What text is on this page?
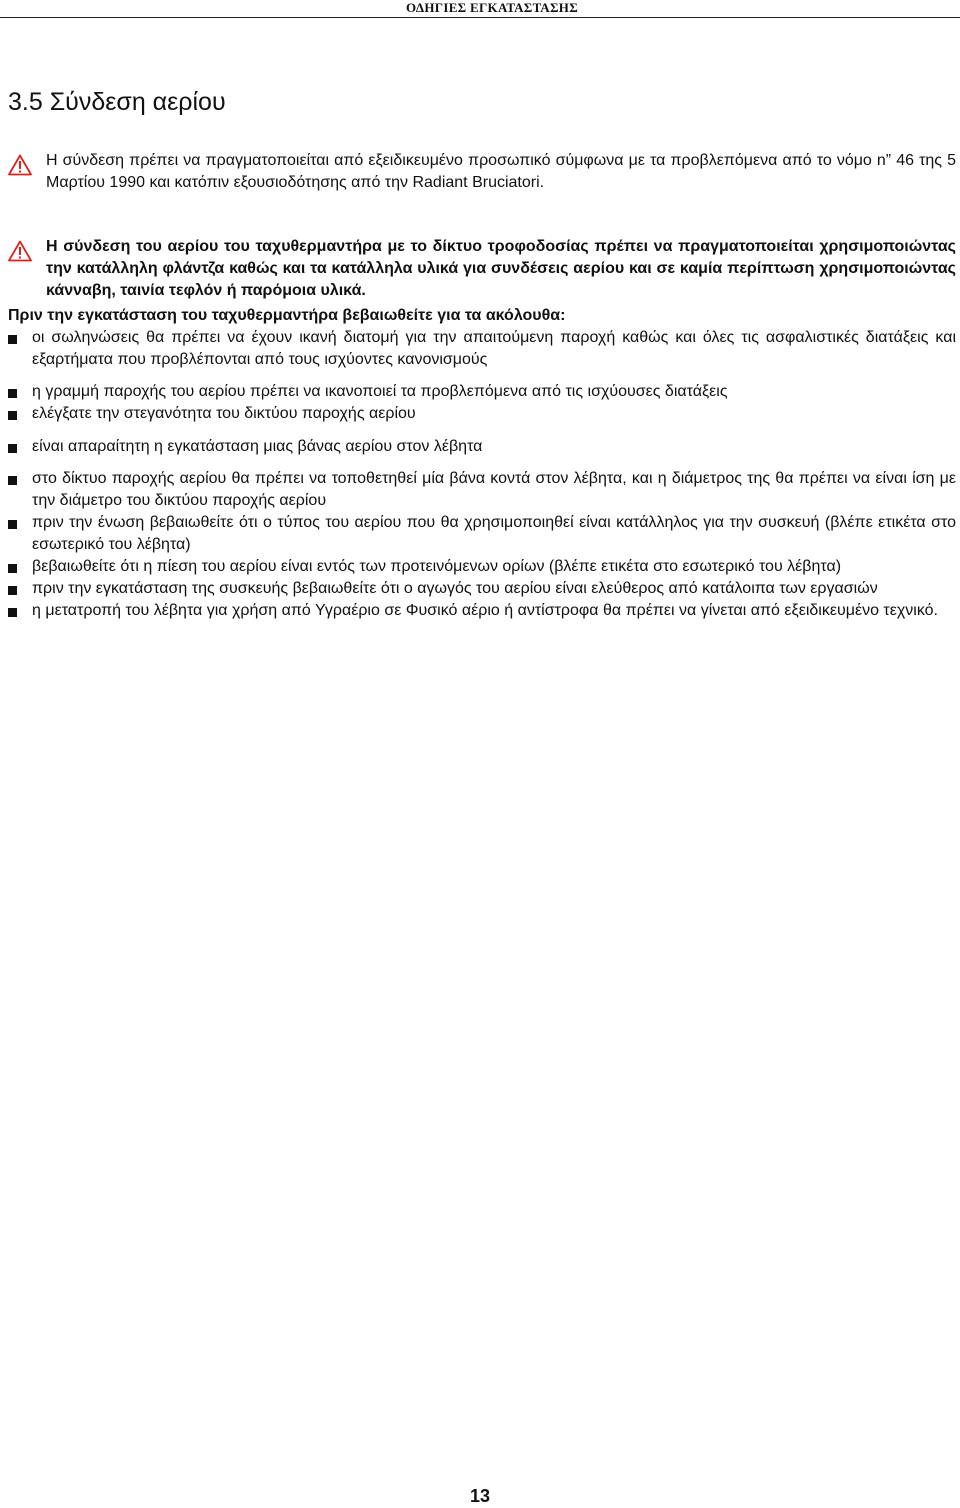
ΟΔΗΓΙΕΣ ΕΓΚΑΤΑΣΤΑΣΗΣ
3.5 Σύνδεση αερίου
Η σύνδεση πρέπει να πραγματοποιείται από εξειδικευμένο προσωπικό σύμφωνα με τα προβλεπόμενα από το νόμο n” 46 της 5 Μαρτίου 1990 και κατόπιν εξουσιοδότησης από την Radiant Bruciatori.
Η σύνδεση του αερίου του ταχυθερμαντήρα με το δίκτυο τροφοδοσίας πρέπει να πραγματοποιείται χρησιμοποιώντας την κατάλληλη φλάντζα καθώς και τα κατάλληλα υλικά για συνδέσεις αερίου και σε καμία περίπτωση χρησιμοποιώντας κάνναβη, ταινία τεφλόν ή παρόμοια υλικά.
Πριν την εγκατάσταση του ταχυθερμαντήρα βεβαιωθείτε για τα ακόλουθα:
οι σωληνώσεις θα πρέπει να έχουν ικανή διατομή για την απαιτούμενη παροχή καθώς και όλες τις ασφαλιστικές διατάξεις και εξαρτήματα που προβλέπονται από τους ισχύοντες κανονισμούς
η γραμμή παροχής του αερίου πρέπει να ικανοποιεί τα προβλεπόμενα από τις ισχύουσες διατάξεις
ελέγξατε την στεγανότητα του δικτύου παροχής αερίου
είναι απαραίτητη η εγκατάσταση μιας βάνας αερίου στον λέβητα
στο δίκτυο παροχής αερίου θα πρέπει να τοποθετηθεί μία βάνα κοντά στον λέβητα, και η διάμετρος της θα πρέπει να είναι ίση με την διάμετρο του δικτύου παροχής αερίου
πριν την ένωση βεβαιωθείτε ότι ο τύπος του αερίου που θα χρησιμοποιηθεί είναι κατάλληλος για την συσκευή (βλέπε ετικέτα στο εσωτερικό του λέβητα)
βεβαιωθείτε ότι η πίεση του αερίου είναι εντός των προτεινόμενων ορίων (βλέπε ετικέτα στο εσωτερικό του λέβητα)
πριν την εγκατάσταση της συσκευής βεβαιωθείτε ότι ο αγωγός του αερίου είναι ελεύθερος από κατάλοιπα των εργασιών
η μετατροπή του λέβητα για χρήση από Υγραέριο σε Φυσικό αέριο ή αντίστροφα θα πρέπει να γίνεται από εξειδικευμένο τεχνικό.
13
